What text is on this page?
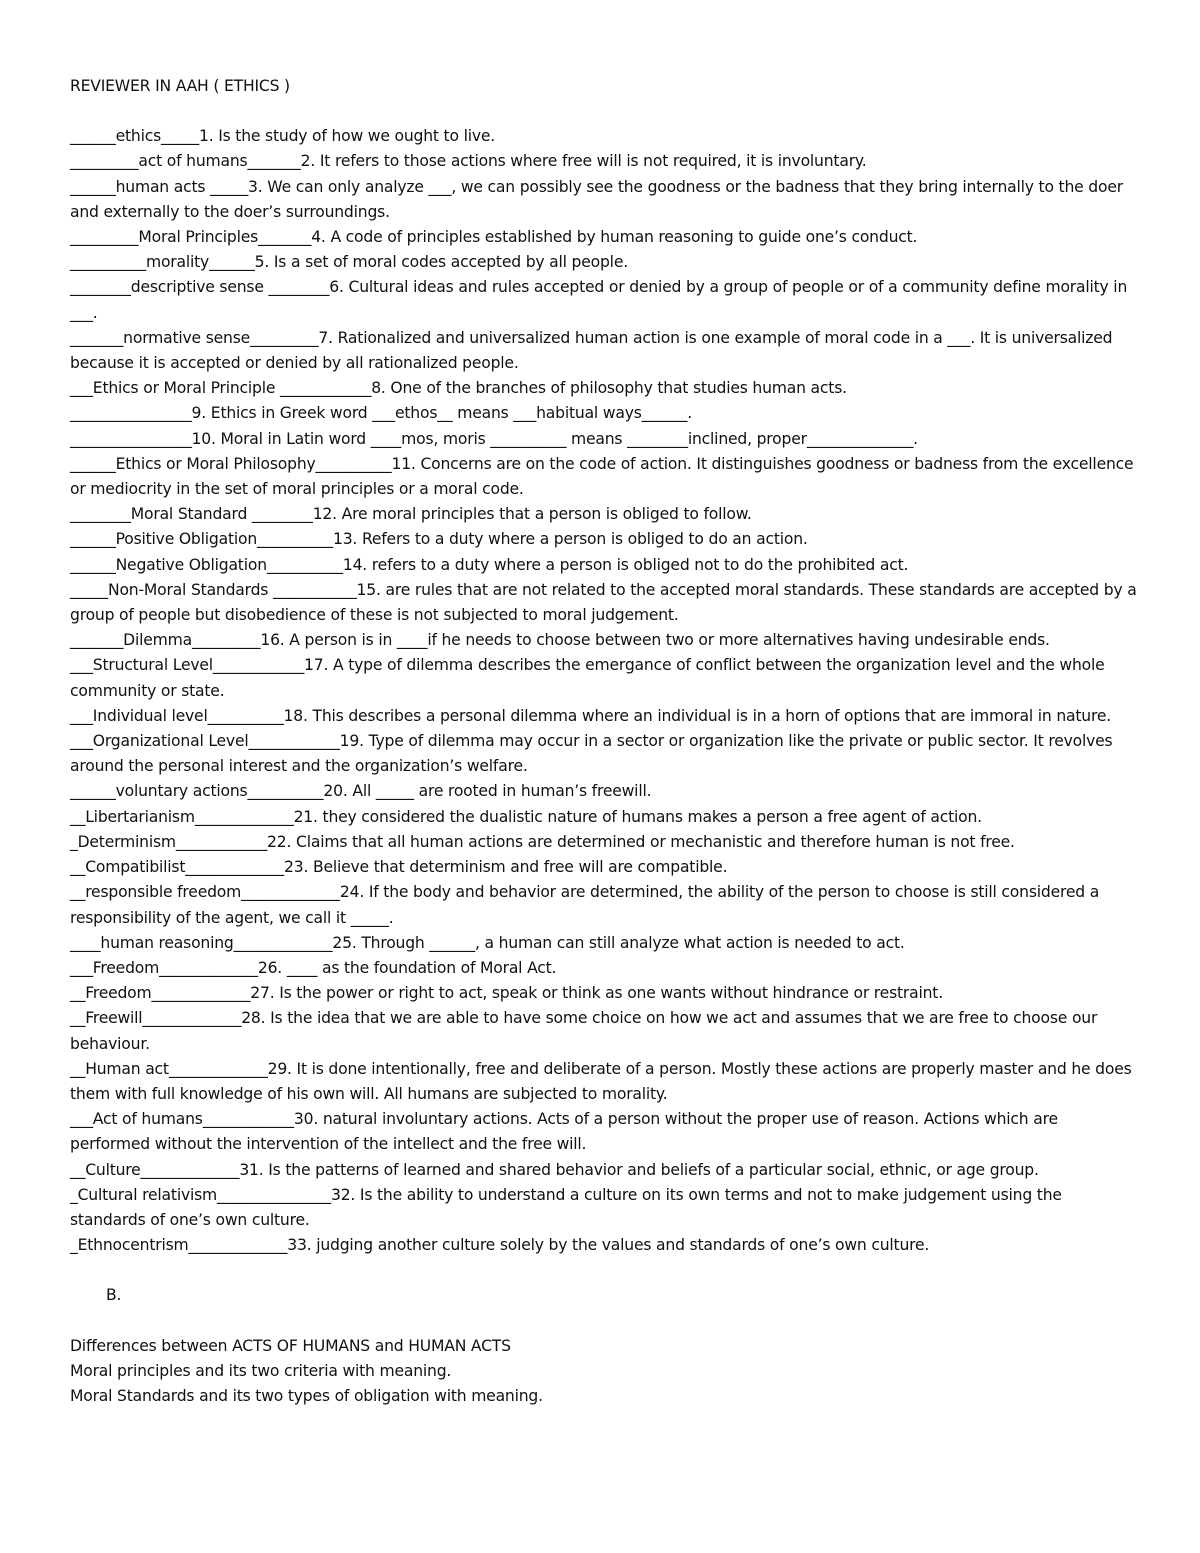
REVIEWER IN AAH ( ETHICS )
______ethics_____1. Is the study of how we ought to live.
_________act of humans_______2. It refers to those actions where free will is not required, it is involuntary.
______human acts _____3. We can only analyze ___, we can possibly see the goodness or the badness that they bring internally to the doer and externally to the doer’s surroundings.
_________Moral Principles_______4. A code of principles established by human reasoning to guide one’s conduct.
__________morality______5. Is a set of moral codes accepted by all people.
________descriptive sense ________6. Cultural ideas and rules accepted or denied by a group of people or of a community define morality in ___.
_______normative sense_________7. Rationalized and universalized human action is one example of moral code in a ___. It is universalized because it is accepted or denied by all rationalized people.
___Ethics or Moral Principle ____________8. One of the branches of philosophy that studies human acts.
________________9. Ethics in Greek word ___ethos__ means ___habitual ways______.
________________10. Moral in Latin word ____mos, moris __________ means ________inclined, proper______________.
______Ethics or Moral Philosophy__________11. Concerns are on the code of action. It distinguishes goodness or badness from the excellence or mediocrity in the set of moral principles or a moral code.
________Moral Standard ________12. Are moral principles that a person is obliged to follow.
______Positive Obligation__________13. Refers to a duty where a person is obliged to do an action.
______Negative Obligation__________14. refers to a duty where a person is obliged not to do the prohibited act.
_____Non-Moral Standards ___________15. are rules that are not related to the accepted moral standards. These standards are accepted by a group of people but disobedience of these is not subjected to moral judgement.
_______Dilemma_________16. A person is in ____if he needs to choose between two or more alternatives having undesirable ends.
___Structural Level____________17. A type of dilemma describes the emergance of conflict between the organization level and the whole community or state.
___Individual level__________18. This describes a personal dilemma where an individual is in a horn of options that are immoral in nature.
___Organizational Level____________19. Type of dilemma may occur in a sector or organization like the private or public sector. It revolves around the personal interest and the organization’s welfare.
______voluntary actions__________20. All _____ are rooted in human’s freewill.
__Libertarianism_____________21. they considered the dualistic nature of humans makes a person a free agent of action.
_Determinism____________22. Claims that all human actions are determined or mechanistic and therefore human is not free.
__Compatibilist_____________23. Believe that determinism and free will are compatible.
__responsible freedom_____________24. If the body and behavior are determined, the ability of the person to choose is still considered a responsibility of the agent, we call it _____.
____human reasoning_____________25. Through ______, a human can still analyze what action is needed to act.
___Freedom_____________26. ____ as the foundation of Moral Act.
__Freedom_____________27. Is the power or right to act, speak or think as one wants without hindrance or restraint.
__Freewill_____________28. Is the idea that we are able to have some choice on how we act and assumes that we are free to choose our behaviour.
__Human act_____________29. It is done intentionally, free and deliberate of a person. Mostly these actions are properly master and he does them with full knowledge of his own will. All humans are subjected to morality.
___Act of humans____________30. natural involuntary actions. Acts of a person without the proper use of reason. Actions which are performed without the intervention of the intellect and the free will.
__Culture_____________31. Is the patterns of learned and shared behavior and beliefs of a particular social, ethnic, or age group.
_Cultural relativism_______________32. Is the ability to understand a culture on its own terms and not to make judgement using the standards of one’s own culture.
_Ethnocentrism_____________33. judging another culture solely by the values and standards of one’s own culture.
B.

Differences between ACTS OF HUMANS and HUMAN ACTS

Moral principles and its two criteria with meaning.

Moral Standards and its two types of obligation with meaning.
